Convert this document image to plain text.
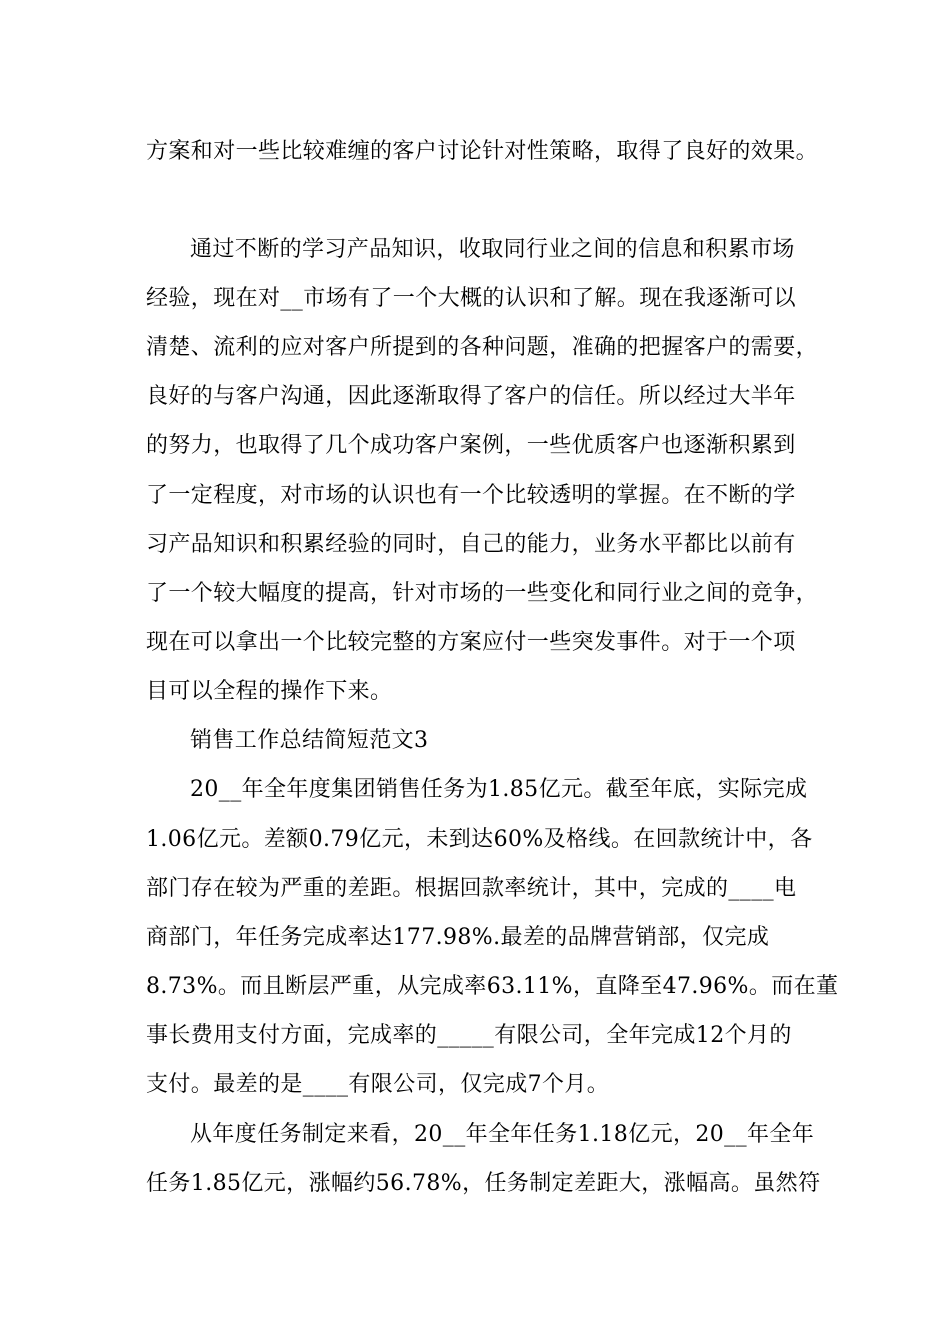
方案和对一些比较难缠的客户讨论针对性策略，取得了良好的效果。
通过不断的学习产品知识，收取同行业之间的信息和积累市场
经验，现在对__市场有了一个大概的认识和了解。现在我逐渐可以
清楚、流利的应对客户所提到的各种问题，准确的把握客户的需要，
良好的与客户沟通，因此逐渐取得了客户的信任。所以经过大半年
的努力，也取得了几个成功客户案例，一些优质客户也逐渐积累到
了一定程度，对市场的认识也有一个比较透明的掌握。在不断的学
习产品知识和积累经验的同时，自己的能力，业务水平都比以前有
了一个较大幅度的提高，针对市场的一些变化和同行业之间的竞争，
现在可以拿出一个比较完整的方案应付一些突发事件。对于一个项
目可以全程的操作下来。
销售工作总结简短范文3
20__年全年度集团销售任务为1.85亿元。截至年底，实际完成
1.06亿元。差额0.79亿元，未到达60%及格线。在回款统计中，各
部门存在较为严重的差距。根据回款率统计，其中，完成的____电
商部门，年任务完成率达177.98%.最差的品牌营销部，仅完成
8.73%。而且断层严重，从完成率63.11%，直降至47.96%。而在董
事长费用支付方面，完成率的_____有限公司，全年完成12个月的
支付。最差的是____有限公司，仅完成7个月。
从年度任务制定来看，20__年全年任务1.18亿元，20__年全年
任务1.85亿元，涨幅约56.78%，任务制定差距大，涨幅高。虽然符
